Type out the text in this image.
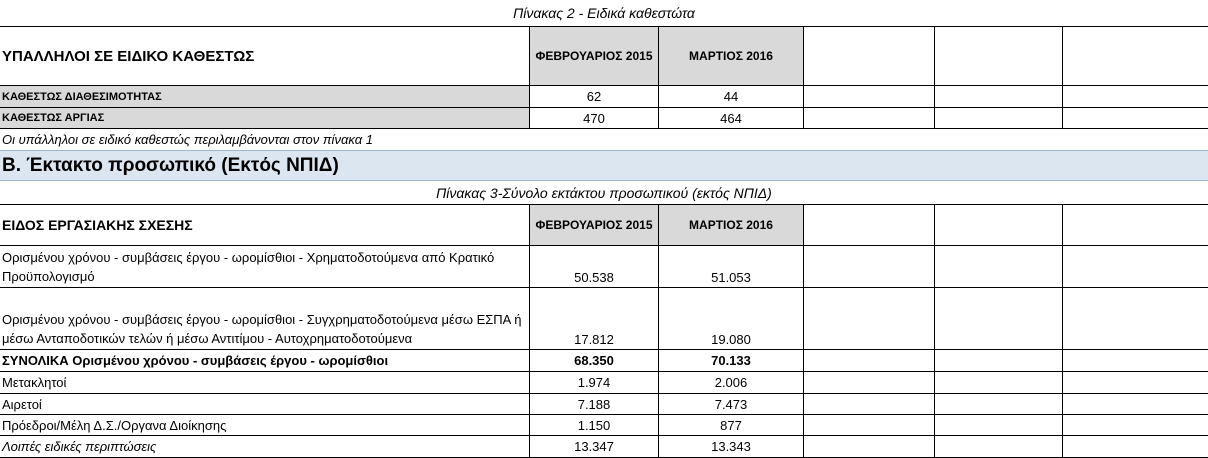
Πίνακας 2 - Ειδικά καθεστώτα
ΥΠΑΛΛΗΛΟΙ ΣΕ ΕΙΔΙΚΟ ΚΑΘΕΣΤΩΣ	ΦΕΒΡΟΥΑΡΙΟΣ 2015	ΜΑΡΤΙΟΣ 2016
ΚΑΘΕΣΤΩΣ ΔΙΑΘΕΣΙΜΟΤΗΤΑΣ	62	44
ΚΑΘΕΣΤΩΣ ΑΡΓΙΑΣ	470	464
Οι υπάλληλοι σε ειδικό καθεστώς περιλαμβάνονται στον πίνακα 1
Β. Έκτακτο προσωπικό (Εκτός ΝΠΙΔ)
Πίνακας 3-Σύνολο εκτάκτου προσωπικού (εκτός ΝΠΙΔ)
ΕΙΔΟΣ ΕΡΓΑΣΙΑΚΗΣ ΣΧΕΣΗΣ	ΦΕΒΡΟΥΑΡΙΟΣ 2015	ΜΑΡΤΙΟΣ 2016
Ορισμένου χρόνου - συμβάσεις έργου - ωρομίσθιοι - Χρηματοδοτούμενα από Κρατικό Προϋπολογισμό	50.538	51.053
Ορισμένου χρόνου - συμβάσεις έργου - ωρομίσθιοι - Συγχρηματοδοτούμενα μέσω ΕΣΠΑ ή μέσω Ανταποδοτικών τελών ή μέσω Αντιτίμου - Αυτοχρηματοδοτούμενα	17.812	19.080
ΣΥΝΟΛΙΚΑ Ορισμένου χρόνου - συμβάσεις έργου - ωρομίσθιοι	68.350	70.133
Μετακλητοί	1.974	2.006
Αιρετοί	7.188	7.473
Πρόεδροι/Μέλη Δ.Σ./Οργανα Διοίκησης	1.150	877
Λοιπές ειδικές περιπτώσεις	13.347	13.343
